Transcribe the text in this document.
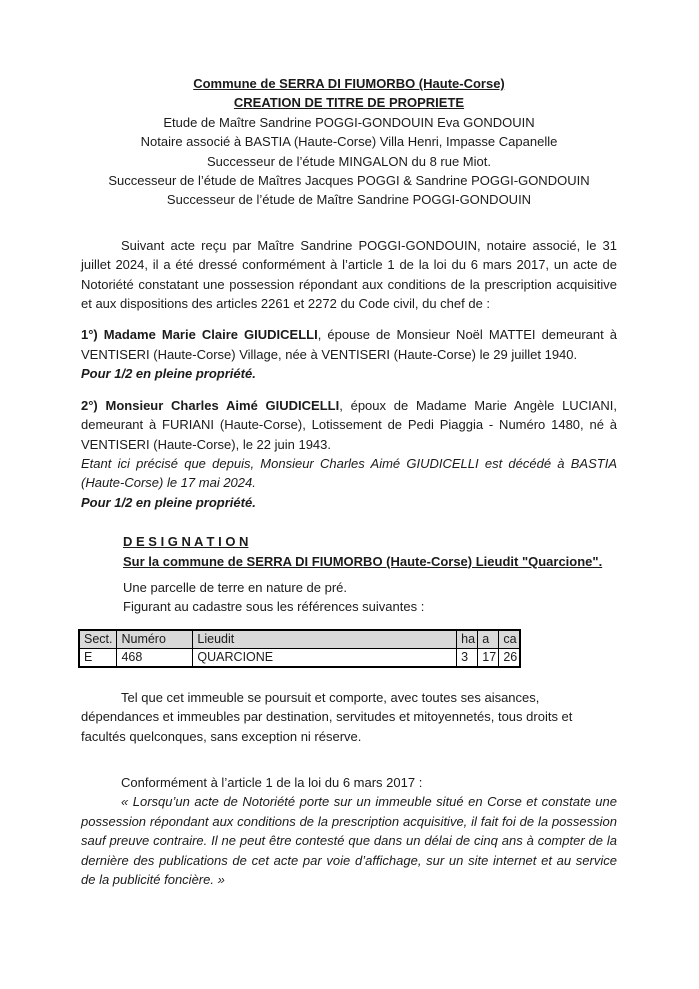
Commune de SERRA DI FIUMORBO (Haute-Corse)

CREATION DE TITRE DE PROPRIETE

Etude de Maître Sandrine POGGI-GONDOUIN Eva GONDOUIN

Notaire associé à BASTIA (Haute-Corse) Villa Henri, Impasse Capanelle

Successeur de l’étude MINGALON du 8 rue Miot.

Successeur de l’étude de Maîtres Jacques POGGI & Sandrine POGGI-GONDOUIN

Successeur de l’étude de Maître Sandrine POGGI-GONDOUIN

Suivant acte reçu par Maître Sandrine POGGI-GONDOUIN, notaire associé, le 31 juillet 2024, il a été dressé conformément à l’article 1 de la loi du 6 mars 2017, un acte de Notoriété constatant une possession répondant aux conditions de la prescription acquisitive et aux dispositions des articles 2261 et 2272 du Code civil, du chef de :

1°) Madame Marie Claire GIUDICELLI, épouse de Monsieur Noël MATTEI demeurant à VENTISERI (Haute-Corse) Village, née à VENTISERI (Haute-Corse) le 29 juillet 1940.

Pour 1/2 en pleine propriété.

2°) Monsieur Charles Aimé GIUDICELLI, époux de Madame Marie Angèle LUCIANI, demeurant à FURIANI (Haute-Corse), Lotissement de Pedi Piaggia - Numéro 1480, né à VENTISERI (Haute-Corse), le 22 juin 1943.

Etant ici précisé que depuis, Monsieur Charles Aimé GIUDICELLI est décédé à BASTIA (Haute-Corse) le 17 mai 2024.

Pour 1/2 en pleine propriété.

D E S I G N A T I O N

Sur la commune de SERRA DI FIUMORBO (Haute-Corse) Lieudit "Quarcione".

Une parcelle de terre en nature de pré.

Figurant au cadastre sous les références suivantes :

Sect.	Numéro	Lieudit	ha	a	ca
E	468	QUARCIONE	3	17	26

Tel que cet immeuble se poursuit et comporte, avec toutes ses aisances, dépendances et immeubles par destination, servitudes et mitoyennetés, tous droits et facultés quelconques, sans exception ni réserve.

Conformément à l’article 1 de la loi du 6 mars 2017 :

« Lorsqu’un acte de Notoriété porte sur un immeuble situé en Corse et constate une possession répondant aux conditions de la prescription acquisitive, il fait foi de la possession sauf preuve contraire. Il ne peut être contesté que dans un délai de cinq ans à compter de la dernière des publications de cet acte par voie d’affichage, sur un site internet et au service de la publicité foncière. »
